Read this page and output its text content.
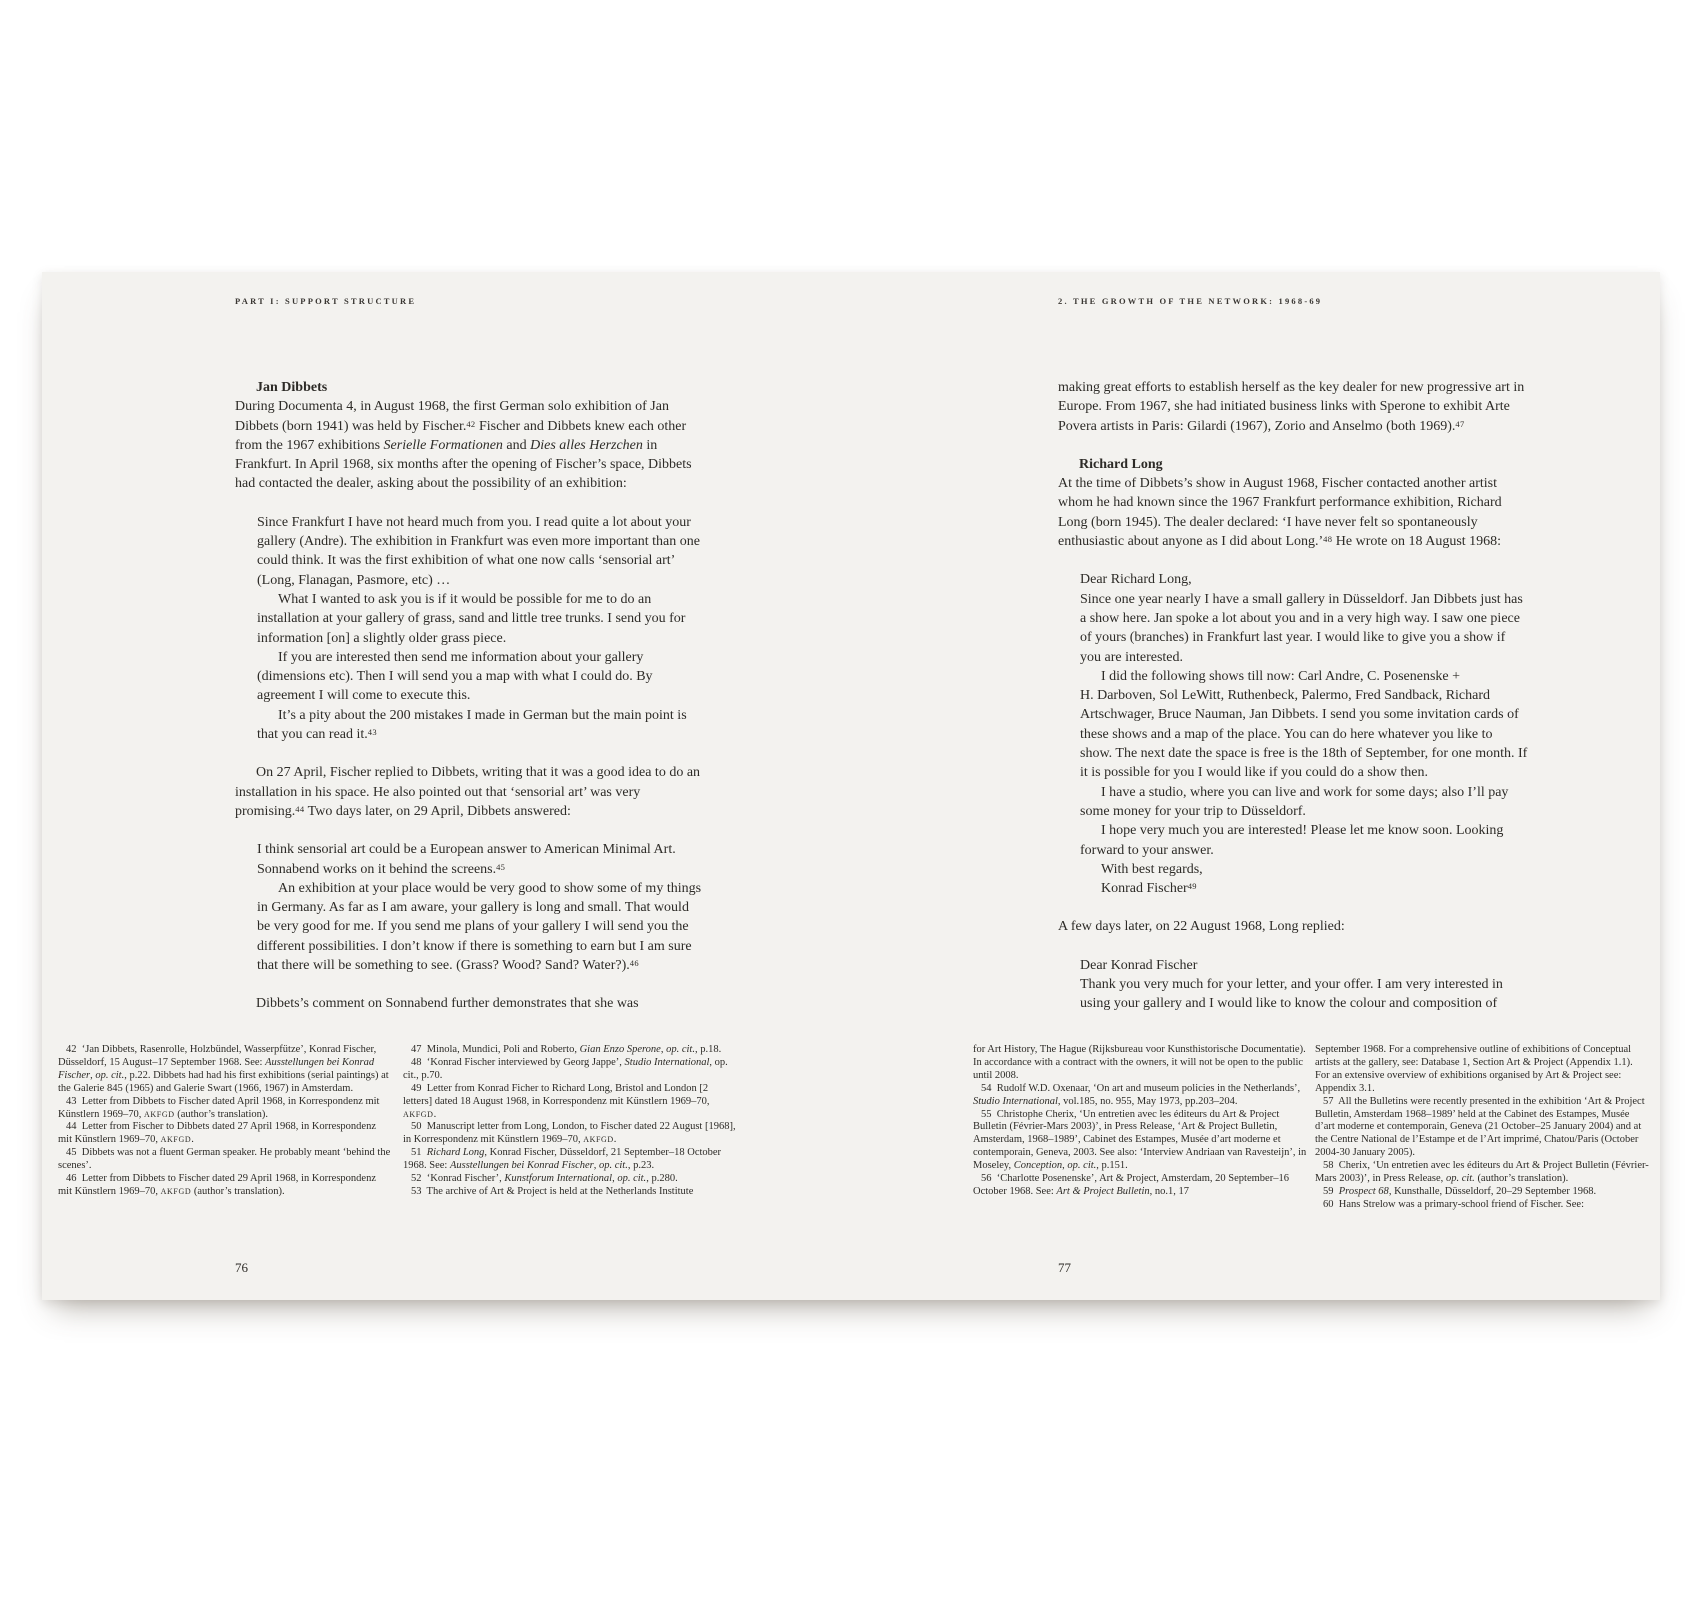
PART I: SUPPORT STRUCTURE
Jan Dibbets
During Documenta 4, in August 1968, the first German solo exhibition of Jan Dibbets (born 1941) was held by Fischer.$^{42}$ Fischer and Dibbets knew each other from the 1967 exhibitions Serielle Formationen and Dies alles Herzchen in Frankfurt. In April 1968, six months after the opening of Fischer’s space, Dibbets had contacted the dealer, asking about the possibility of an exhibition:
Since Frankfurt I have not heard much from you. I read quite a lot about your gallery (Andre). The exhibition in Frankfurt was even more important than one could think. It was the first exhibition of what one now calls ‘sensorial art’ (Long, Flanagan, Pasmore, etc) …
What I wanted to ask you is if it would be possible for me to do an installation at your gallery of grass, sand and little tree trunks. I send you for information [on] a slightly older grass piece.
If you are interested then send me information about your gallery (dimensions etc). Then I will send you a map with what I could do. By agreement I will come to execute this.
It’s a pity about the 200 mistakes I made in German but the main point is that you can read it.$^{43}$
On 27 April, Fischer replied to Dibbets, writing that it was a good idea to do an installation in his space. He also pointed out that ‘sensorial art’ was very promising.$^{44}$ Two days later, on 29 April, Dibbets answered:
I think sensorial art could be a European answer to American Minimal Art. Sonnabend works on it behind the screens.$^{45}$
An exhibition at your place would be very good to show some of my things in Germany. As far as I am aware, your gallery is long and small. That would be very good for me. If you send me plans of your gallery I will send you the different possibilities. I don’t know if there is something to earn but I am sure that there will be something to see. (Grass? Wood? Sand? Water?).$^{46}$
Dibbets’s comment on Sonnabend further demonstrates that she was
42  ‘Jan Dibbets, Rasenrolle, Holzbündel, Wasserpfütze’, Konrad Fischer, Düsseldorf, 15 August–17 September 1968. See: Ausstellungen bei Konrad Fischer, op. cit., p.22. Dibbets had had his first exhibitions (serial paintings) at the Galerie 845 (1965) and Galerie Swart (1966, 1967) in Amsterdam.
43  Letter from Dibbets to Fischer dated April 1968, in Korrespondenz mit Künstlern 1969–70, AKFGD (author’s translation).
44  Letter from Fischer to Dibbets dated 27 April 1968, in Korrespondenz mit Künstlern 1969–70, AKFGD.
45  Dibbets was not a fluent German speaker. He probably meant ‘behind the scenes’.
46  Letter from Dibbets to Fischer dated 29 April 1968, in Korrespondenz mit Künstlern 1969–70, AKFGD (author’s translation).
47  Minola, Mundici, Poli and Roberto, Gian Enzo Sperone, op. cit., p.18.
48  ‘Konrad Fischer interviewed by Georg Jappe’, Studio International, op. cit., p.70.
49  Letter from Konrad Ficher to Richard Long, Bristol and London [2 letters] dated 18 August 1968, in Korrespondenz mit Künstlern 1969–70, AKFGD.
50  Manuscript letter from Long, London, to Fischer dated 22 August [1968], in Korrespondenz mit Künstlern 1969–70, AKFGD.
51  Richard Long, Konrad Fischer, Düsseldorf, 21 September–18 October 1968. See: Ausstellungen bei Konrad Fischer, op. cit., p.23.
52  ‘Konrad Fischer’, Kunstforum International, op. cit., p.280.
53  The archive of Art & Project is held at the Netherlands Institute
76
2. THE GROWTH OF THE NETWORK: 1968-69
making great efforts to establish herself as the key dealer for new progressive art in Europe. From 1967, she had initiated business links with Sperone to exhibit Arte Povera artists in Paris: Gilardi (1967), Zorio and Anselmo (both 1969).$^{47}$
Richard Long
At the time of Dibbets’s show in August 1968, Fischer contacted another artist whom he had known since the 1967 Frankfurt performance exhibition, Richard Long (born 1945). The dealer declared: ‘I have never felt so spontaneously enthusiastic about anyone as I did about Long.’$^{48}$ He wrote on 18 August 1968:
Dear Richard Long,
Since one year nearly I have a small gallery in Düsseldorf. Jan Dibbets just has a show here. Jan spoke a lot about you and in a very high way. I saw one piece of yours (branches) in Frankfurt last year. I would like to give you a show if you are interested.
I did the following shows till now: Carl Andre, C. Posenenske + H. Darboven, Sol LeWitt, Ruthenbeck, Palermo, Fred Sandback, Richard Artschwager, Bruce Nauman, Jan Dibbets. I send you some invitation cards of these shows and a map of the place. You can do here whatever you like to show. The next date the space is free is the 18th of September, for one month. If it is possible for you I would like if you could do a show then.
I have a studio, where you can live and work for some days; also I’ll pay some money for your trip to Düsseldorf.
I hope very much you are interested! Please let me know soon. Looking forward to your answer.
With best regards,
Konrad Fischer$^{49}$
A few days later, on 22 August 1968, Long replied:
Dear Konrad Fischer
Thank you very much for your letter, and your offer. I am very interested in using your gallery and I would like to know the colour and composition of
for Art History, The Hague (Rijksbureau voor Kunsthistorische Documentatie). In accordance with a contract with the owners, it will not be open to the public until 2008.
54  Rudolf W.D. Oxenaar, ‘On art and museum policies in the Netherlands’, Studio International, vol.185, no. 955, May 1973, pp.203–204.
55  Christophe Cherix, ‘Un entretien avec les éditeurs du Art & Project Bulletin (Février-Mars 2003)’, in Press Release, ‘Art & Project Bulletin, Amsterdam, 1968–1989’, Cabinet des Estampes, Musée d’art moderne et contemporain, Geneva, 2003. See also: ‘Interview Andriaan van Ravesteijn’, in Moseley, Conception, op. cit., p.151.
56  ‘Charlotte Posenenske’, Art & Project, Amsterdam, 20 September–16 October 1968. See: Art & Project Bulletin, no.1, 17
September 1968. For a comprehensive outline of exhibitions of Conceptual artists at the gallery, see: Database 1, Section Art & Project (Appendix 1.1). For an extensive overview of exhibitions organised by Art & Project see: Appendix 3.1.
57  All the Bulletins were recently presented in the exhibition ‘Art & Project Bulletin, Amsterdam 1968–1989’ held at the Cabinet des Estampes, Musée d’art moderne et contemporain, Geneva (21 October–25 January 2004) and at the Centre National de l’Estampe et de l’Art imprimé, Chatou/Paris (October 2004-30 January 2005).
58  Cherix, ‘Un entretien avec les éditeurs du Art & Project Bulletin (Février-Mars 2003)’, in Press Release, op. cit. (author’s translation).
59  Prospect 68, Kunsthalle, Düsseldorf, 20–29 September 1968.
60  Hans Strelow was a primary-school friend of Fischer. See:
77
